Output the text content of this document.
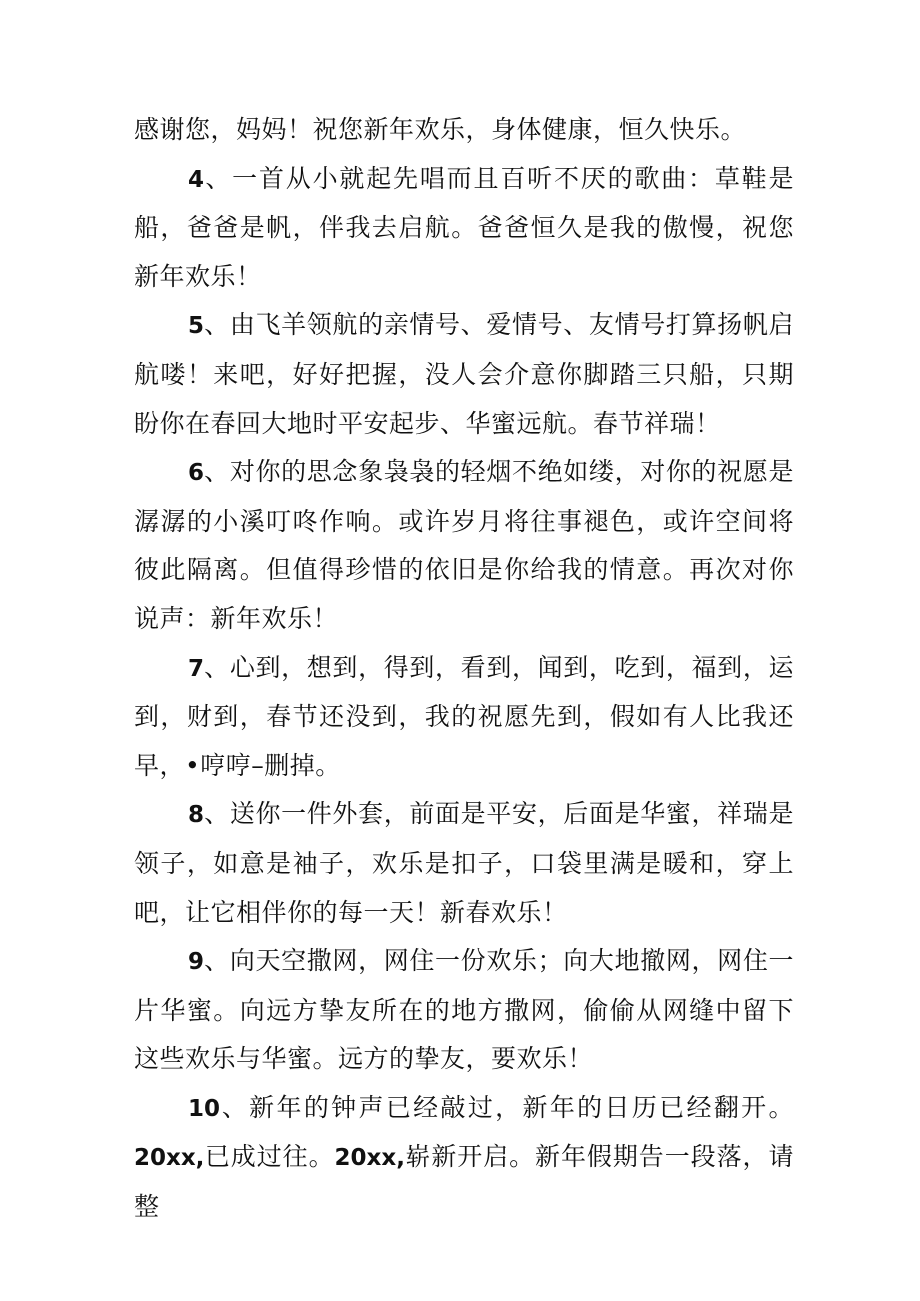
感谢您，妈妈！祝您新年欢乐，身体健康，恒久快乐。

4、一首从小就起先唱而且百听不厌的歌曲：草鞋是船，爸爸是帆，伴我去启航。爸爸恒久是我的傲慢，祝您新年欢乐！

5、由飞羊领航的亲情号、爱情号、友情号打算扬帆启航喽！来吧，好好把握，没人会介意你脚踏三只船，只期盼你在春回大地时平安起步、华蜜远航。春节祥瑞！

6、对你的思念象袅袅的轻烟不绝如缕，对你的祝愿是潺潺的小溪叮咚作响。或许岁月将往事褪色，或许空间将彼此隔离。但值得珍惜的依旧是你给我的情意。再次对你说声：新年欢乐！

7、心到，想到，得到，看到，闻到，吃到，福到，运到，财到，春节还没到，我的祝愿先到，假如有人比我还早，•哼哼–删掉。

8、送你一件外套，前面是平安，后面是华蜜，祥瑞是领子，如意是袖子，欢乐是扣子，口袋里满是暖和，穿上吧，让它相伴你的每一天！新春欢乐！

9、向天空撒网，网住一份欢乐；向大地撤网，网住一片华蜜。向远方挚友所在的地方撒网，偷偷从网缝中留下这些欢乐与华蜜。远方的挚友，要欢乐！

10、新年的钟声已经敲过，新年的日历已经翻开。20xx,已成过往。20xx,崭新开启。新年假期告一段落，请整
